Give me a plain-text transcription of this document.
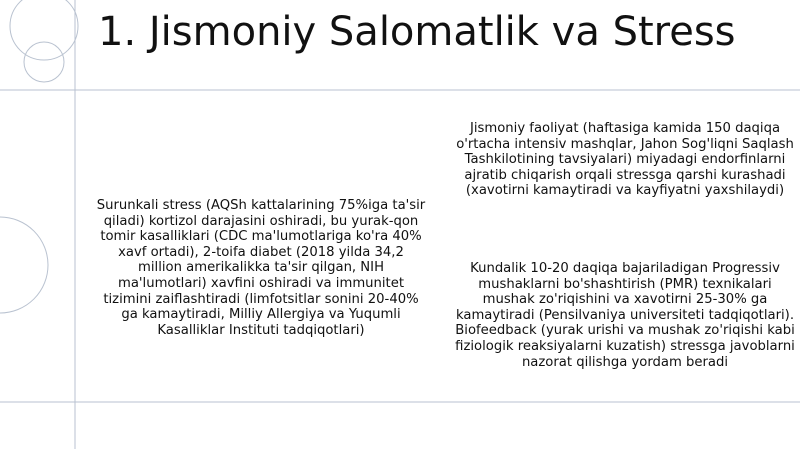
1. Jismoniy Salomatlik va Stress

Surunkali stress (AQSh kattalarining 75%iga ta'sir qiladi) kortizol darajasini oshiradi, bu yurak-qon tomir kasalliklari (CDC ma'lumotlariga ko'ra 40% xavf ortadi), 2-toifa diabet (2018 yilda 34,2 million amerikalikka ta'sir qilgan, NIH ma'lumotlari) xavfini oshiradi va immunitet tizimini zaiflashtiradi (limfotsitlar sonini 20-40% ga kamaytiradi, Milliy Allergiya va Yuqumli Kasalliklar Instituti tadqiqotlari)

Jismoniy faoliyat (haftasiga kamida 150 daqiqa o'rtacha intensiv mashqlar, Jahon Sog'liqni Saqlash Tashkilotining tavsiyalari) miyadagi endorfinlarni ajratib chiqarish orqali stressga qarshi kurashadi (xavotirni kamaytiradi va kayfiyatni yaxshilaydi)

Kundalik 10-20 daqiqa bajariladigan Progressiv mushaklarni bo'shashtirish (PMR) texnikalari mushak zo'riqishini va xavotirni 25-30% ga kamaytiradi (Pensilvaniya universiteti tadqiqotlari). Biofeedback (yurak urishi va mushak zo'riqishi kabi fiziologik reaksiyalarni kuzatish) stressga javoblarni nazorat qilishga yordam beradi
